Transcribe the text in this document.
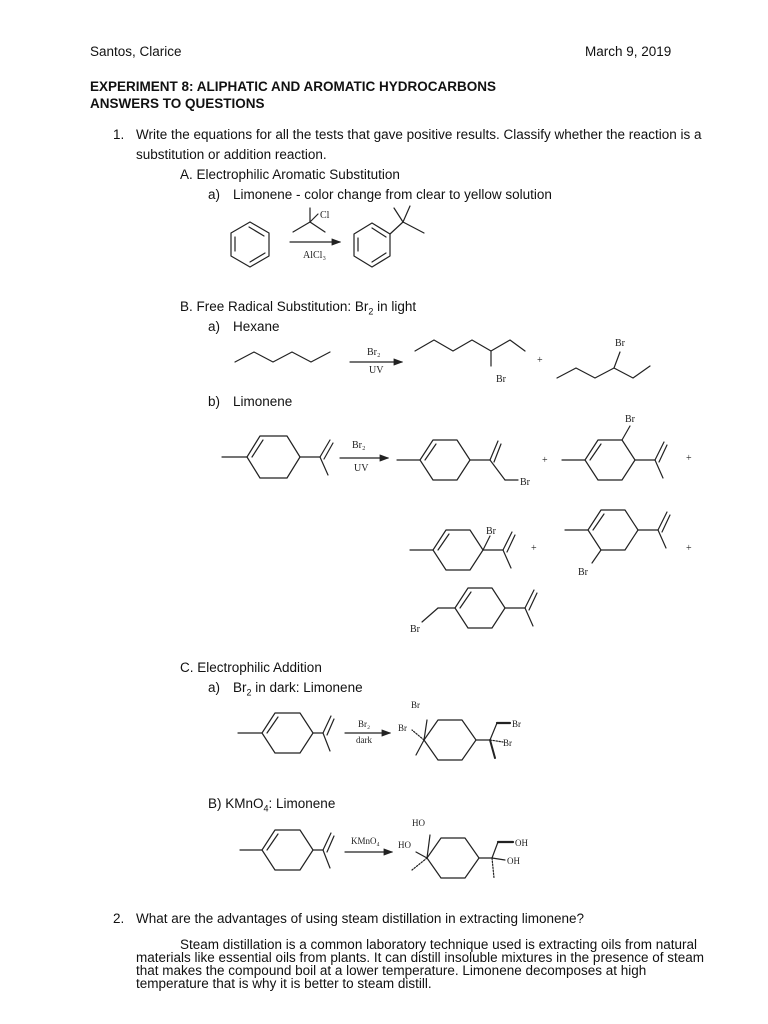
Santos, Clarice	March 9, 2019
EXPERIMENT 8: ALIPHATIC AND AROMATIC HYDROCARBONS
ANSWERS TO QUESTIONS
1. Write the equations for all the tests that gave positive results. Classify whether the reaction is a
substitution or addition reaction.
A. Electrophilic Aromatic Substitution
a) Limonene - color change from clear to yellow solution
B. Free Radical Substitution: $Br_2$ in light
a) Hexane
b) Limonene
C. Electrophilic Addition
a) $Br_2$ in dark: Limonene
B) KMnO$_4$: Limonene
2. What are the advantages of using steam distillation in extracting limonene?
Steam distillation is a common laboratory technique used is extracting oils from natural
materials like essential oils from plants. It can distill insoluble mixtures in the presence of steam
that makes the compound boil at a lower temperature. Limonene decomposes at high
temperature that is why it is better to steam distill.
Cl
AlCl₃
Br₂
UV
Br
+
Br
Br₂
UV
Br
+
Br
+
Br
+
Br
+
Br
Br₂
dark
Br
Br	Br
Br
KMnO₄
HO
HO	OH
OH
